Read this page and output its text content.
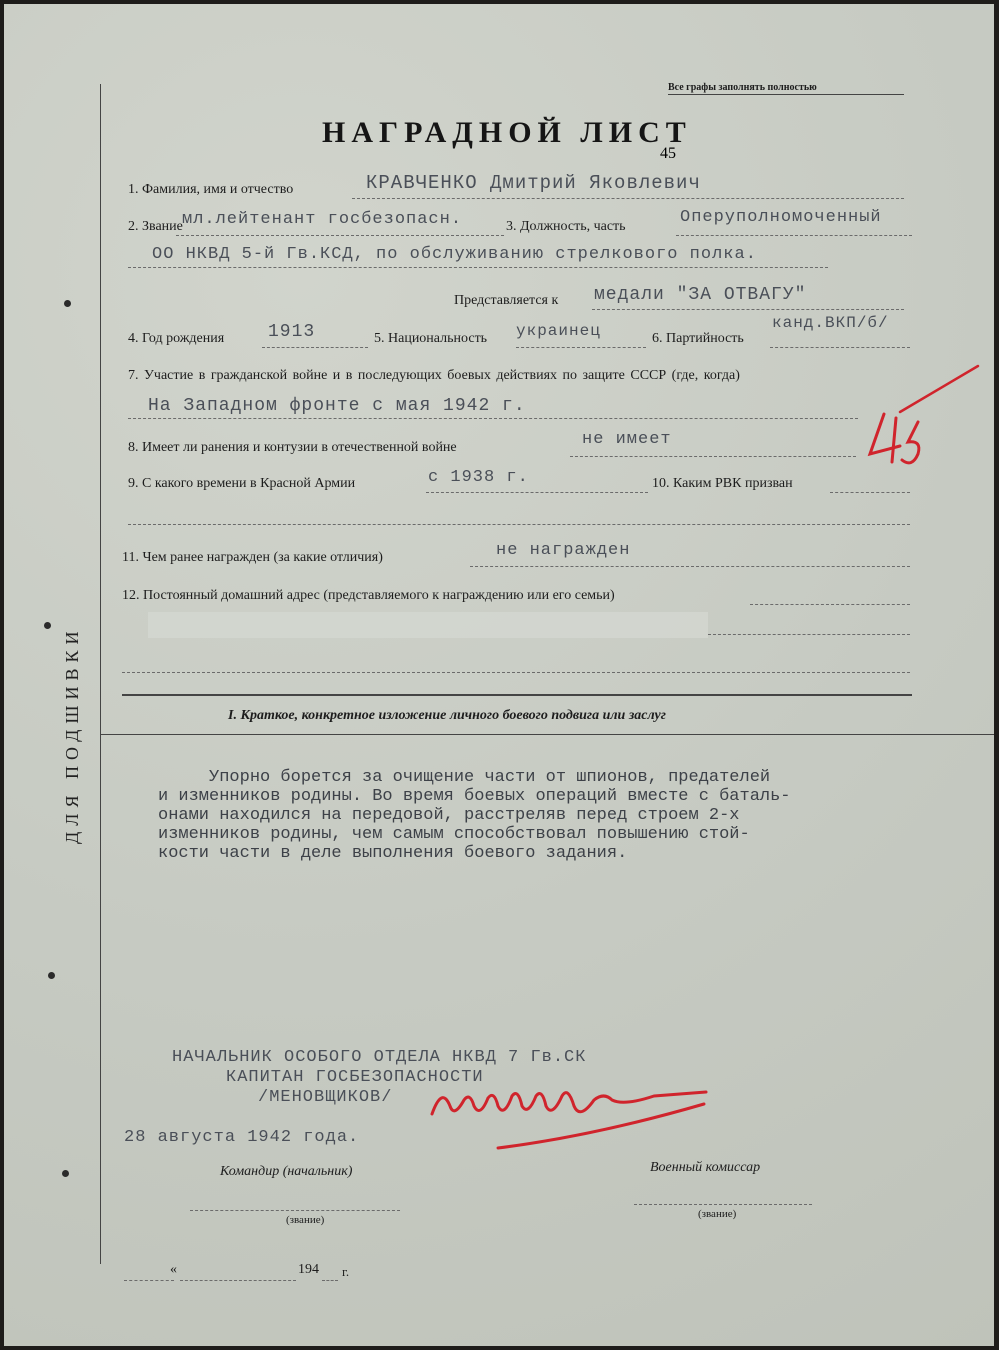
ДЛЯ ПОДШИВКИ
Все графы заполнять полностью
НАГРАДНОЙ ЛИСТ
1. Фамилия, имя и отчество	КРАВЧЕНКО Дмитрий Яковлевич
2. Звание мл.лейтенант госбезопасн.	3. Должность, часть	Оперуполномоченный
ОО НКВД 5-й Гв.КСД, по обслуживанию стрелкового полка.
Представляется к медали "ЗА ОТВАГУ"
4. Год рождения 1913	5. Национальность украинец	6. Партийность
канд.ВКП/б/
7. Участие в гражданской войне и в последующих боевых действиях по защите СССР (где, когда)
На Западном фронте с мая 1942 г.
8. Имеет ли ранения и контузии в отечественной войне	не имеет
45
9. С какого времени в Красной Армии	с 1938 г.	10. Каким РВК призван
11. Чем ранее награжден (за какие отличия)	не награжден
12. Постоянный домашний адрес (представляемого к награждению или его семьи)
I. Краткое, конкретное изложение личного боевого подвига или заслуг
Упорно борется за очищение части от шпионов, предателей
и изменников родины. Во время боевых операций вместе с баталь-
онами находился на передовой, расстреляв перед строем 2-х
изменников родины, чем самым способствовал повышению стой-
кости части в деле выполнения боевого задания.
НАЧАЛЬНИК ОСОБОГО ОТДЕЛА НКВД 7 Гв.СК
КАПИТАН ГОСБЕЗОПАСНОСТИ
/МЕНОВЩИКОВ/
28 августа 1942 года.
Командир (начальник)	Военный комиссар
(звание)	(звание)
«	194 г.
